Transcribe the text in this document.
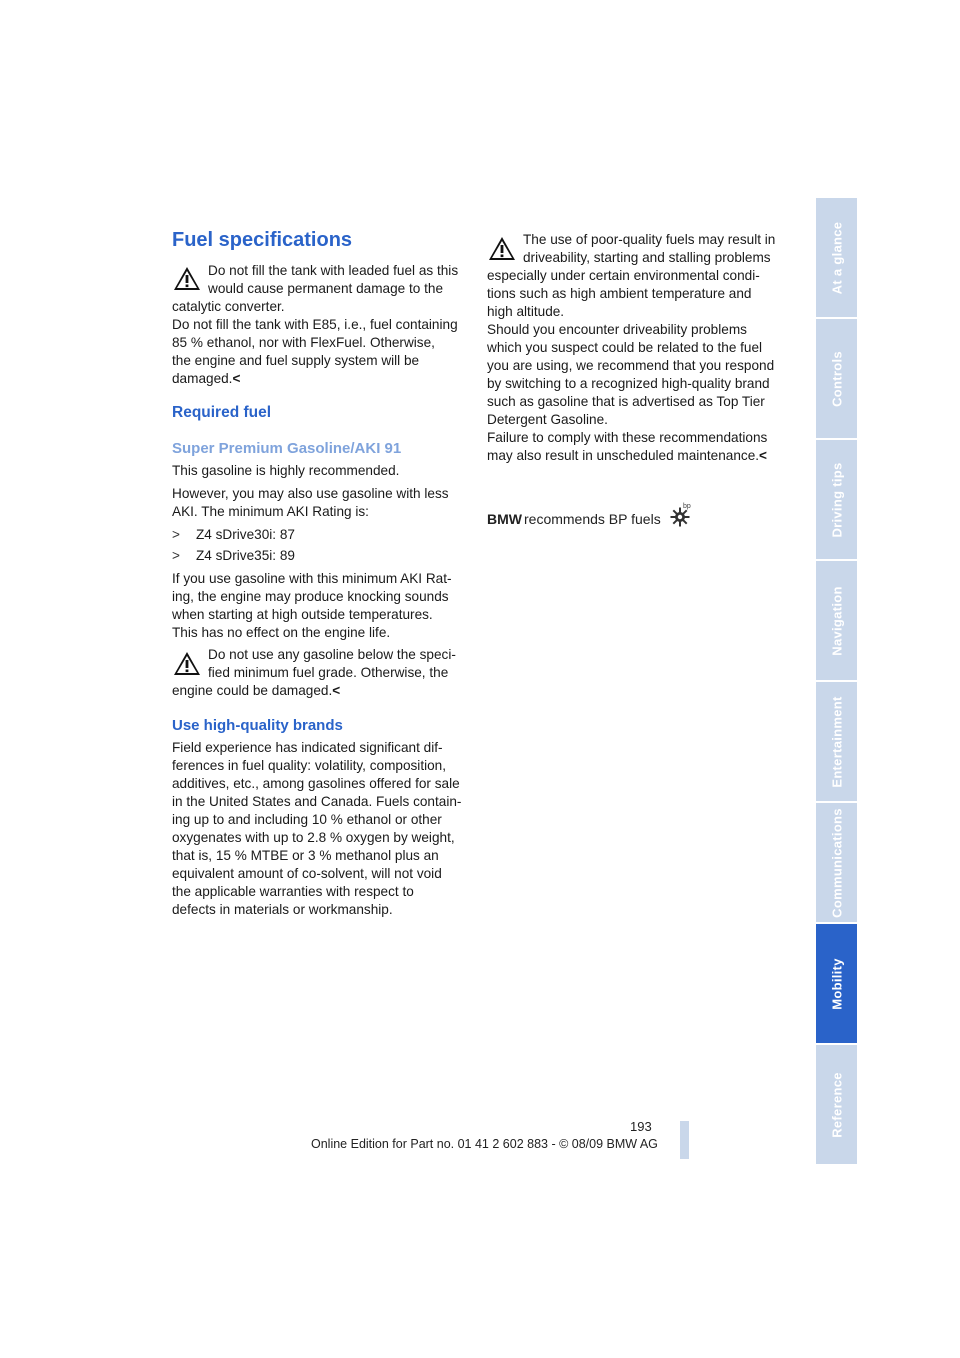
At a glance
Controls
Driving tips
Navigation
Entertainment
Communications
Mobility
Reference
Fuel specifications

Do not fill the tank with leaded fuel as this

would cause permanent damage to the

catalytic converter.

Do not fill the tank with E85, i.e., fuel containing

85 % ethanol, nor with FlexFuel. Otherwise,

the engine and fuel supply system will be

damaged.<

Required fuel
Super Premium Gasoline/AKI 91

This gasoline is highly recommended.

However, you may also use gasoline with less

AKI. The minimum AKI Rating is:

> Z4 sDrive30i: 87
> Z4 sDrive35i: 89

If you use gasoline with this minimum AKI Rat-

ing, the engine may produce knocking sounds

when starting at high outside temperatures.

This has no effect on the engine life.

Do not use any gasoline below the speci-

fied minimum fuel grade. Otherwise, the

engine could be damaged.<

Use high-quality brands

Field experience has indicated significant dif-

ferences in fuel quality: volatility, composition,

additives, etc., among gasolines offered for sale

in the United States and Canada. Fuels contain-

ing up to and including 10 % ethanol or other

oxygenates with up to 2.8 % oxygen by weight,

that is, 15 % MTBE or 3 % methanol plus an

equivalent amount of co-solvent, will not void

the applicable warranties with respect to

defects in materials or workmanship.

The use of poor-quality fuels may result in

driveability, starting and stalling problems

especially under certain environmental condi-

tions such as high ambient temperature and

high altitude.

Should you encounter driveability problems

which you suspect could be related to the fuel

you are using, we recommend that you respond

by switching to a recognized high-quality brand

such as gasoline that is advertised as Top Tier

Detergent Gasoline.

Failure to comply with these recommendations

may also result in unscheduled maintenance.<

BMW recommends BP fuels
bp
193
Online Edition for Part no. 01 41 2 602 883 - © 08/09 BMW AG
